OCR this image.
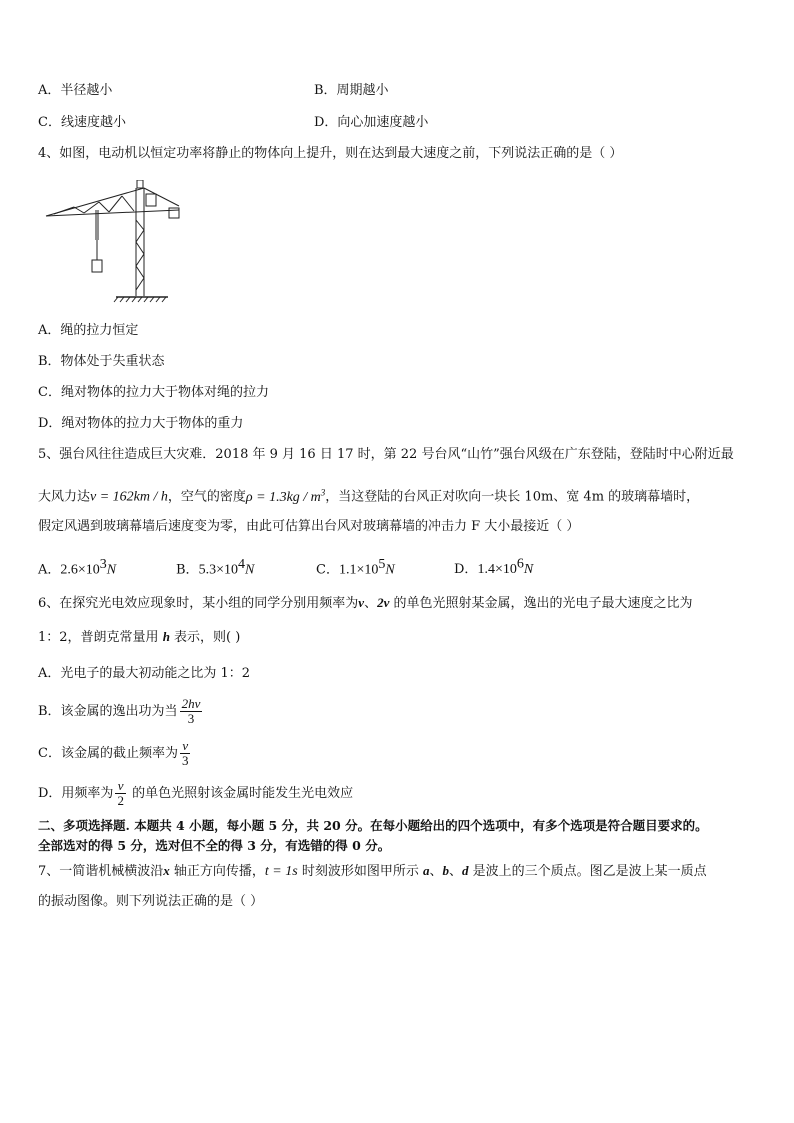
A．半径越小	B．周期越小
C．线速度越小	D．向心加速度越小
4、如图，电动机以恒定功率将静止的物体向上提升，则在达到最大速度之前，下列说法正确的是（ ）
A．绳的拉力恒定
B．物体处于失重状态
C．绳对物体的拉力大于物体对绳的拉力
D．绳对物体的拉力大于物体的重力
5、强台风往往造成巨大灾难．2018 年 9 月 16 日 17 时，第 22 号台风“山竹”强台风级在广东登陆，登陆时中心附近最
大风力达v = 162km / h，空气的密度$\rho = 1.3kg / m^3$，当这登陆的台风正对吹向一块长 10m、宽 4m 的玻璃幕墙时，
假定风遇到玻璃幕墙后速度变为零，由此可估算出台风对玻璃幕墙的冲击力 F 大小最接近（ ）
A．$2.6\times 10^3N$	B．$5.3\times 10^4N$	C．$1.1\times 10^5N$	D．$1.4\times 10^6N$
6、在探究光电效应现象时，某小组的同学分别用频率为ν、2ν 的单色光照射某金属，逸出的光电子最大速度之比为
1：2，普朗克常量用 h 表示，则( )
A．光电子的最大初动能之比为 1：2
B．该金属的逸出功为当 $\frac{2h\nu}{3}$
C．该金属的截止频率为 $\frac{\nu}{3}$
D．用频率为 $\frac{\nu}{2}$ 的单色光照射该金属时能发生光电效应
二、多项选择题. 本题共 4 小题，每小题 5 分，共 20 分。在每小题给出的四个选项中，有多个选项是符合题目要求的。
全部选对的得 5 分，选对但不全的得 3 分，有选错的得 0 分。
7、一简谐机械横波沿x 轴正方向传播，t = 1s 时刻波形如图甲所示 a、b、d 是波上的三个质点。图乙是波上某一质点
的振动图像。则下列说法正确的是（ ）
